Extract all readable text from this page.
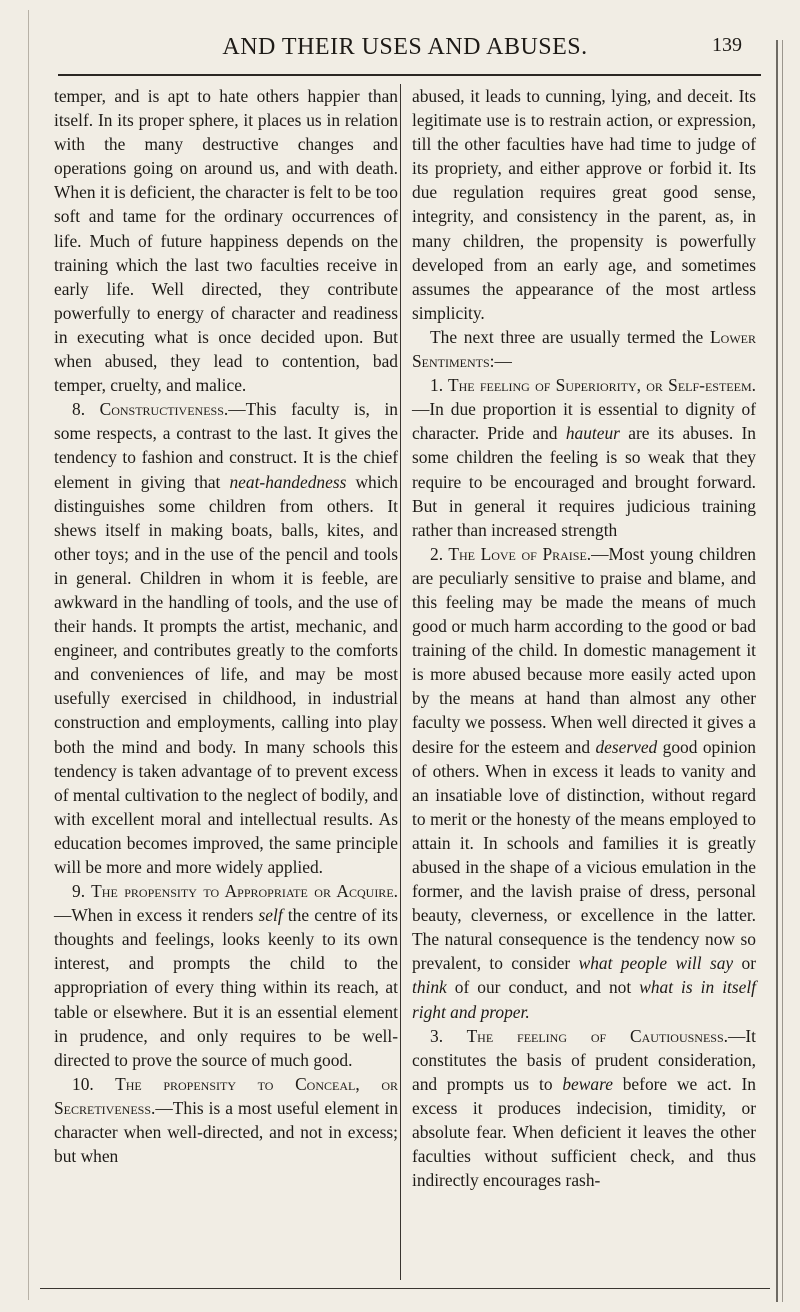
AND THEIR USES AND ABUSES.	139

temper, and is apt to hate others happier than itself. In its proper sphere, it places us in relation with the many destructive changes and operations going on around us, and with death. When it is deficient, the character is felt to be too soft and tame for the ordinary occurrences of life. Much of future happiness depends on the training which the last two faculties receive in early life. Well directed, they contribute powerfully to energy of character and readiness in executing what is once decided upon. But when abused, they lead to contention, bad temper, cruelty, and malice.

8. Constructiveness.—This faculty is, in some respects, a contrast to the last. It gives the tendency to fashion and construct. It is the chief element in giving that neat-handedness which distinguishes some children from others. It shews itself in making boats, balls, kites, and other toys; and in the use of the pencil and tools in general. Children in whom it is feeble, are awkward in the handling of tools, and the use of their hands. It prompts the artist, mechanic, and engineer, and contributes greatly to the comforts and conveniences of life, and may be most usefully exercised in childhood, in industrial construction and employments, calling into play both the mind and body. In many schools this tendency is taken advantage of to prevent excess of mental cultivation to the neglect of bodily, and with excellent moral and intellectual results. As education becomes improved, the same principle will be more and more widely applied.

9. The propensity to Appropriate or Acquire.—When in excess it renders self the centre of its thoughts and feelings, looks keenly to its own interest, and prompts the child to the appropriation of every thing within its reach, at table or elsewhere. But it is an essential element in prudence, and only requires to be well-directed to prove the source of much good.

10. The propensity to Conceal, or Secretiveness.—This is a most useful element in character when well-directed, and not in excess; but when

abused, it leads to cunning, lying, and deceit. Its legitimate use is to restrain action, or expression, till the other faculties have had time to judge of its propriety, and either approve or forbid it. Its due regulation requires great good sense, integrity, and consistency in the parent, as, in many children, the propensity is powerfully developed from an early age, and sometimes assumes the appearance of the most artless simplicity.

The next three are usually termed the Lower Sentiments:—

1. The feeling of Superiority, or Self-esteem.—In due proportion it is essential to dignity of character. Pride and hauteur are its abuses. In some children the feeling is so weak that they require to be encouraged and brought forward. But in general it requires judicious training rather than increased strength

2. The Love of Praise.—Most young children are peculiarly sensitive to praise and blame, and this feeling may be made the means of much good or much harm according to the good or bad training of the child. In domestic management it is more abused because more easily acted upon by the means at hand than almost any other faculty we possess. When well directed it gives a desire for the esteem and deserved good opinion of others. When in excess it leads to vanity and an insatiable love of distinction, without regard to merit or the honesty of the means employed to attain it. In schools and families it is greatly abused in the shape of a vicious emulation in the former, and the lavish praise of dress, personal beauty, cleverness, or excellence in the latter. The natural consequence is the tendency now so prevalent, to consider what people will say or think of our conduct, and not what is in itself right and proper.

3. The feeling of Cautiousness.—It constitutes the basis of prudent consideration, and prompts us to beware before we act. In excess it produces indecision, timidity, or absolute fear. When deficient it leaves the other faculties without sufficient check, and thus indirectly encourages rash-
